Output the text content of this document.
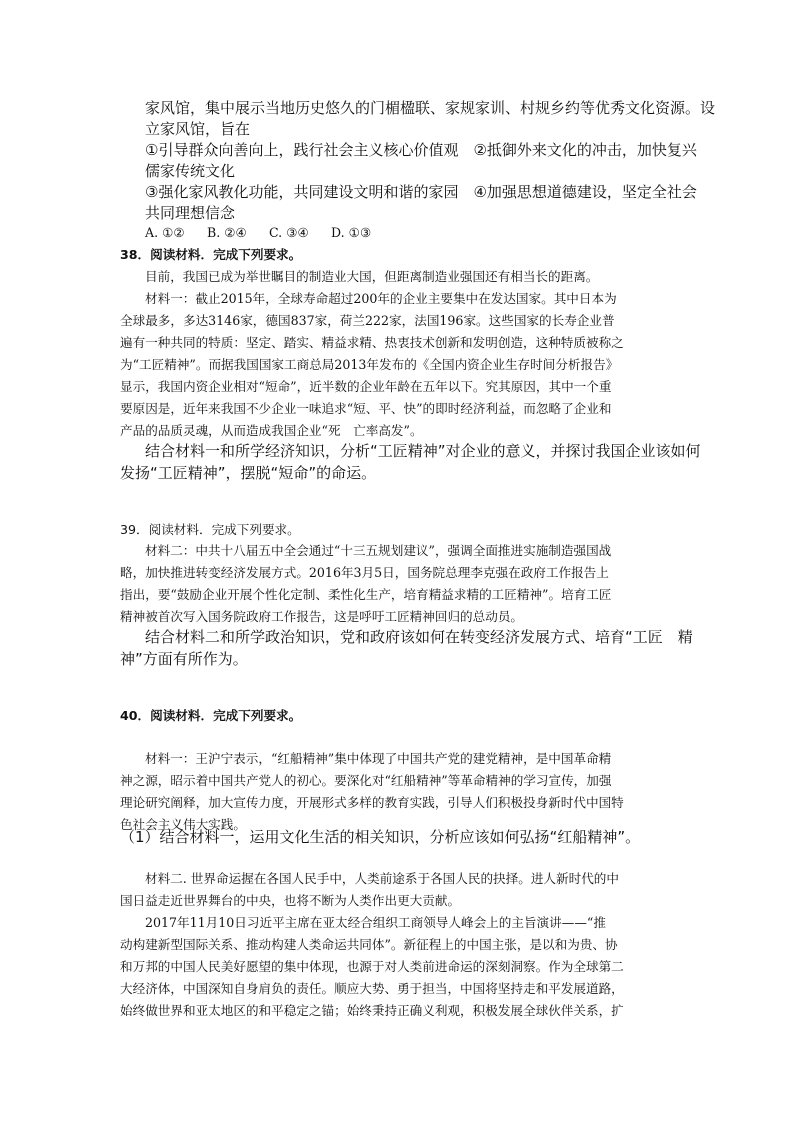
家风馆，集中展示当地历史悠久的门楣楹联、家规家训、村规乡约等优秀文化资源。设
立家风馆，旨在
①引导群众向善向上，践行社会主义核心价值观　②抵御外来文化的冲击，加快复兴
儒家传统文化
③强化家风教化功能，共同建设文明和谐的家园　④加强思想道德建设，坚定全社会
共同理想信念
A. ①② B. ②④ C. ③④ D. ①③
38．阅读材料．完成下列要求。
目前，我国已成为举世瞩目的制造业大国，但距离制造业强国还有相当长的距离。
材料一：截止2015年，全球寿命超过200年的企业主要集中在发达国家。其中日本为
全球最多，多达3146家，德国837家，荷兰222家，法国196家。这些国家的长寿企业普
遍有一种共同的特质：坚定、踏实、精益求精、热衷技术创新和发明创造，这种特质被称之
为“工匠精神”。而据我国国家工商总局2013年发布的《全国内资企业生存时间分析报告》
显示，我国内资企业相对“短命”，近半数的企业年龄在五年以下。究其原因，其中一个重
要原因是，近年来我国不少企业一味追求“短、平、快”的即时经济利益，而忽略了企业和
产品的品质灵魂，从而造成我国企业“死　亡率高发”。
结合材料一和所学经济知识，分析“工匠精神”对企业的意义，并探讨我国企业该如何
发扬“工匠精神”，摆脱“短命”的命运。
39．阅读材料．完成下列要求。
材料二：中共十八届五中全会通过“十三五规划建议”，强调全面推进实施制造强国战
略，加快推进转变经济发展方式。2016年3月5日，国务院总理李克强在政府工作报告上
指出，要“鼓励企业开展个性化定制、柔性化生产，培育精益求精的工匠精神”。培育工匠
精神被首次写入国务院政府工作报告，这是呼吁工匠精神回归的总动员。
结合材料二和所学政治知识，党和政府该如何在转变经济发展方式、培育“工匠　精
神”方面有所作为。
40．阅读材料．完成下列要求。
材料一：王沪宁表示，“红船精神”集中体现了中国共产党的建党精神，是中国革命精
神之源，昭示着中国共产党人的初心。要深化对“红船精神”等革命精神的学习宣传，加强
理论研究阐释，加大宣传力度，开展形式多样的教育实践，引导人们积极投身新时代中国特
色社会主义伟大实践。
（1）结合材料一，运用文化生活的相关知识，分析应该如何弘扬“红船精神”。
材料二. 世界命运握在各国人民手中，人类前途系于各国人民的抉择。进人新时代的中
国日益走近世界舞台的中央，也将不断为人类作出更大贡献。
2017年11月10日习近平主席在亚太经合组织工商领导人峰会上的主旨演讲——“推
动构建新型国际关系、推动构建人类命运共同体”。新征程上的中国主张，是以和为贵、协
和万邦的中国人民美好愿望的集中体现，也源于对人类前进命运的深刻洞察。作为全球第二
大经济体，中国深知自身肩负的责任。顺应大势、勇于担当，中国将坚持走和平发展道路，
始终做世界和亚太地区的和平稳定之锚；始终秉持正确义利观，积极发展全球伙伴关系，扩
